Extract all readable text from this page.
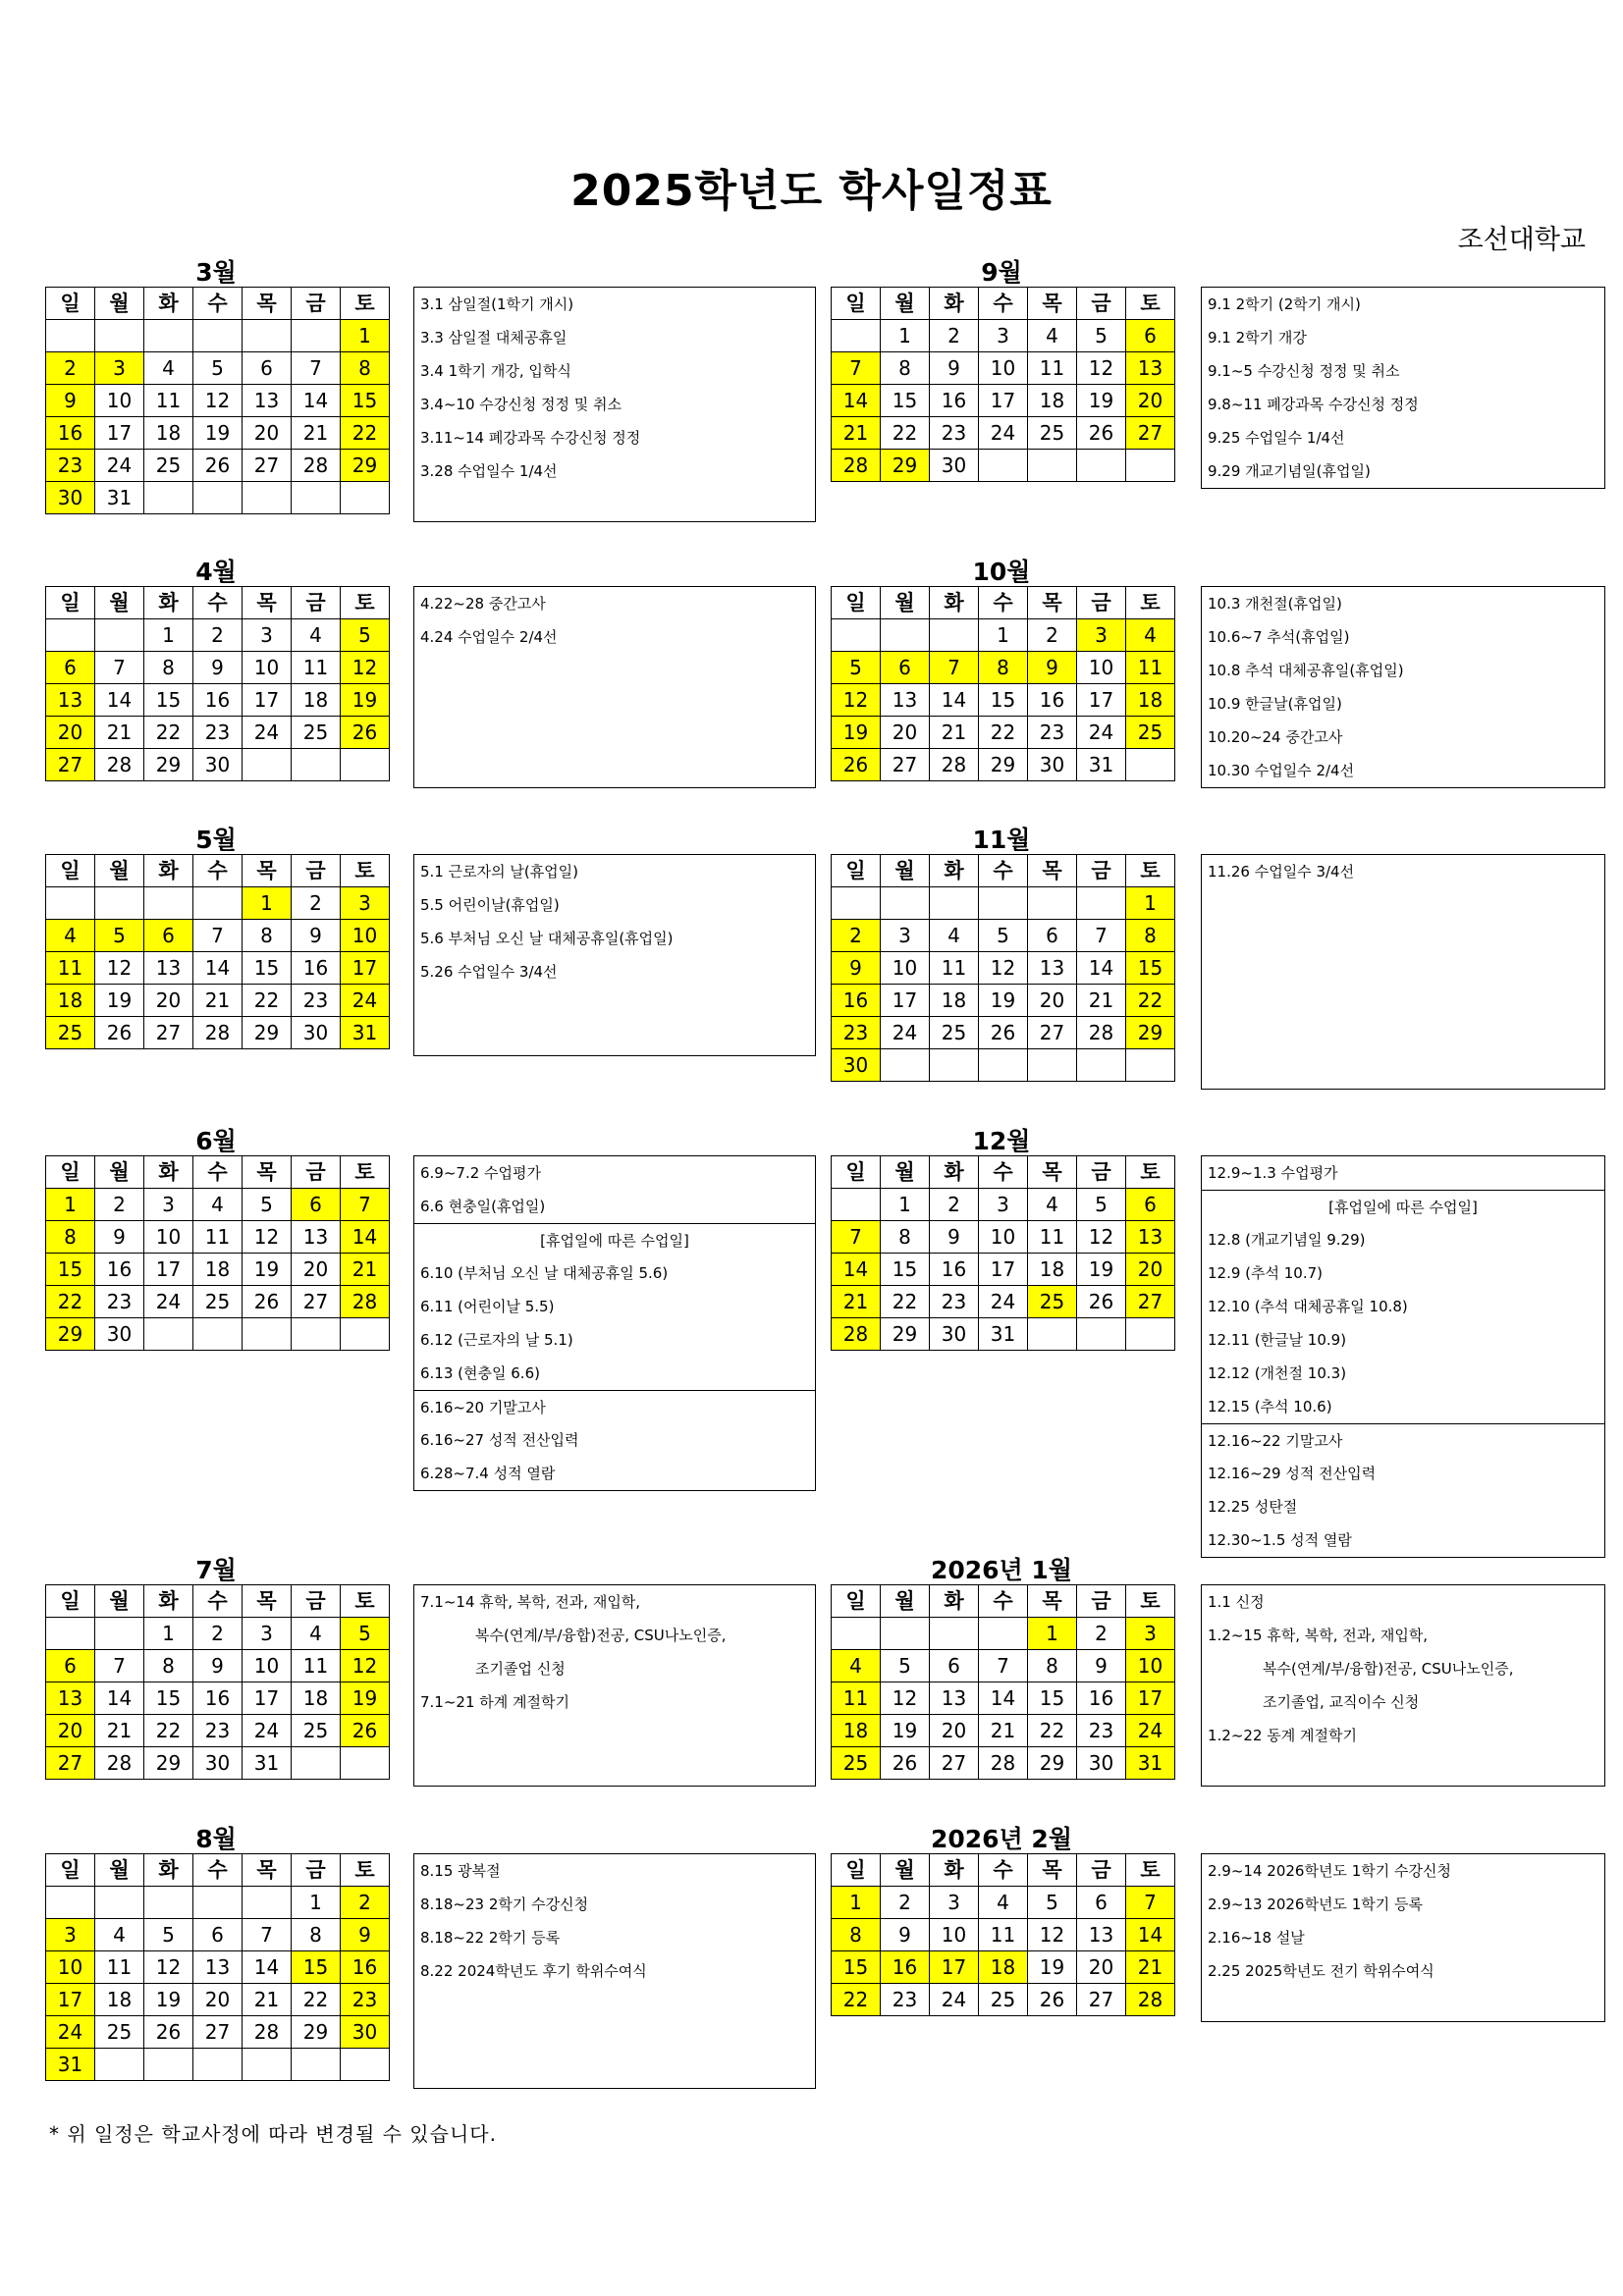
2025학년도 학사일정표
조선대학교
3월
일	월	화	수	목	금	토
						1
2	3	4	5	6	7	8
9	10	11	12	13	14	15
16	17	18	19	20	21	22
23	24	25	26	27	28	29
30	31					
3.1 삼일절(1학기 개시)
3.3 삼일절 대체공휴일
3.4 1학기 개강, 입학식
3.4~10 수강신청 정정 및 취소
3.11~14 폐강과목 수강신청 정정
3.28 수업일수 1/4선
4월
일	월	화	수	목	금	토
		1	2	3	4	5
6	7	8	9	10	11	12
13	14	15	16	17	18	19
20	21	22	23	24	25	26
27	28	29	30			
4.22~28 중간고사
4.24 수업일수 2/4선
5월
일	월	화	수	목	금	토
				1	2	3
4	5	6	7	8	9	10
11	12	13	14	15	16	17
18	19	20	21	22	23	24
25	26	27	28	29	30	31
5.1 근로자의 날(휴업일)
5.5 어린이날(휴업일)
5.6 부처님 오신 날 대체공휴일(휴업일)
5.26 수업일수 3/4선
6월
일	월	화	수	목	금	토
1	2	3	4	5	6	7
8	9	10	11	12	13	14
15	16	17	18	19	20	21
22	23	24	25	26	27	28
29	30					
6.9~7.2 수업평가
6.6 현충일(휴업일)
[휴업일에 따른 수업일]
6.10 (부처님 오신 날 대체공휴일 5.6)
6.11 (어린이날 5.5)
6.12 (근로자의 날 5.1)
6.13 (현충일 6.6)
6.16~20 기말고사
6.16~27 성적 전산입력
6.28~7.4 성적 열람
7월
일	월	화	수	목	금	토
		1	2	3	4	5
6	7	8	9	10	11	12
13	14	15	16	17	18	19
20	21	22	23	24	25	26
27	28	29	30	31		
7.1~14 휴학, 복학, 전과, 재입학,
복수(연계/부/융합)전공, CSU나노인증,
조기졸업 신청
7.1~21 하계 계절학기
8월
일	월	화	수	목	금	토
					1	2
3	4	5	6	7	8	9
10	11	12	13	14	15	16
17	18	19	20	21	22	23
24	25	26	27	28	29	30
31						
8.15 광복절
8.18~23 2학기 수강신청
8.18~22 2학기 등록
8.22 2024학년도 후기 학위수여식
9월
일	월	화	수	목	금	토
	1	2	3	4	5	6
7	8	9	10	11	12	13
14	15	16	17	18	19	20
21	22	23	24	25	26	27
28	29	30				
9.1 2학기 (2학기 개시)
9.1 2학기 개강
9.1~5 수강신청 정정 및 취소
9.8~11 폐강과목 수강신청 정정
9.25 수업일수 1/4선
9.29 개교기념일(휴업일)
10월
일	월	화	수	목	금	토
			1	2	3	4
5	6	7	8	9	10	11
12	13	14	15	16	17	18
19	20	21	22	23	24	25
26	27	28	29	30	31	
10.3 개천절(휴업일)
10.6~7 추석(휴업일)
10.8 추석 대체공휴일(휴업일)
10.9 한글날(휴업일)
10.20~24 중간고사
10.30 수업일수 2/4선
11월
일	월	화	수	목	금	토
						1
2	3	4	5	6	7	8
9	10	11	12	13	14	15
16	17	18	19	20	21	22
23	24	25	26	27	28	29
30						
11.26 수업일수 3/4선
12월
일	월	화	수	목	금	토
	1	2	3	4	5	6
7	8	9	10	11	12	13
14	15	16	17	18	19	20
21	22	23	24	25	26	27
28	29	30	31			
12.9~1.3 수업평가
[휴업일에 따른 수업일]
12.8 (개교기념일 9.29)
12.9 (추석 10.7)
12.10 (추석 대체공휴일 10.8)
12.11 (한글날 10.9)
12.12 (개천절 10.3)
12.15 (추석 10.6)
12.16~22 기말고사
12.16~29 성적 전산입력
12.25 성탄절
12.30~1.5 성적 열람
2026년 1월
일	월	화	수	목	금	토
				1	2	3
4	5	6	7	8	9	10
11	12	13	14	15	16	17
18	19	20	21	22	23	24
25	26	27	28	29	30	31
1.1 신정
1.2~15 휴학, 복학, 전과, 재입학,
복수(연계/부/융합)전공, CSU나노인증,
조기졸업, 교직이수 신청
1.2~22 동계 계절학기
2026년 2월
일	월	화	수	목	금	토
1	2	3	4	5	6	7
8	9	10	11	12	13	14
15	16	17	18	19	20	21
22	23	24	25	26	27	28
2.9~14 2026학년도 1학기 수강신청
2.9~13 2026학년도 1학기 등록
2.16~18 설날
2.25 2025학년도 전기 학위수여식
* 위 일정은 학교사정에 따라 변경될 수 있습니다.
